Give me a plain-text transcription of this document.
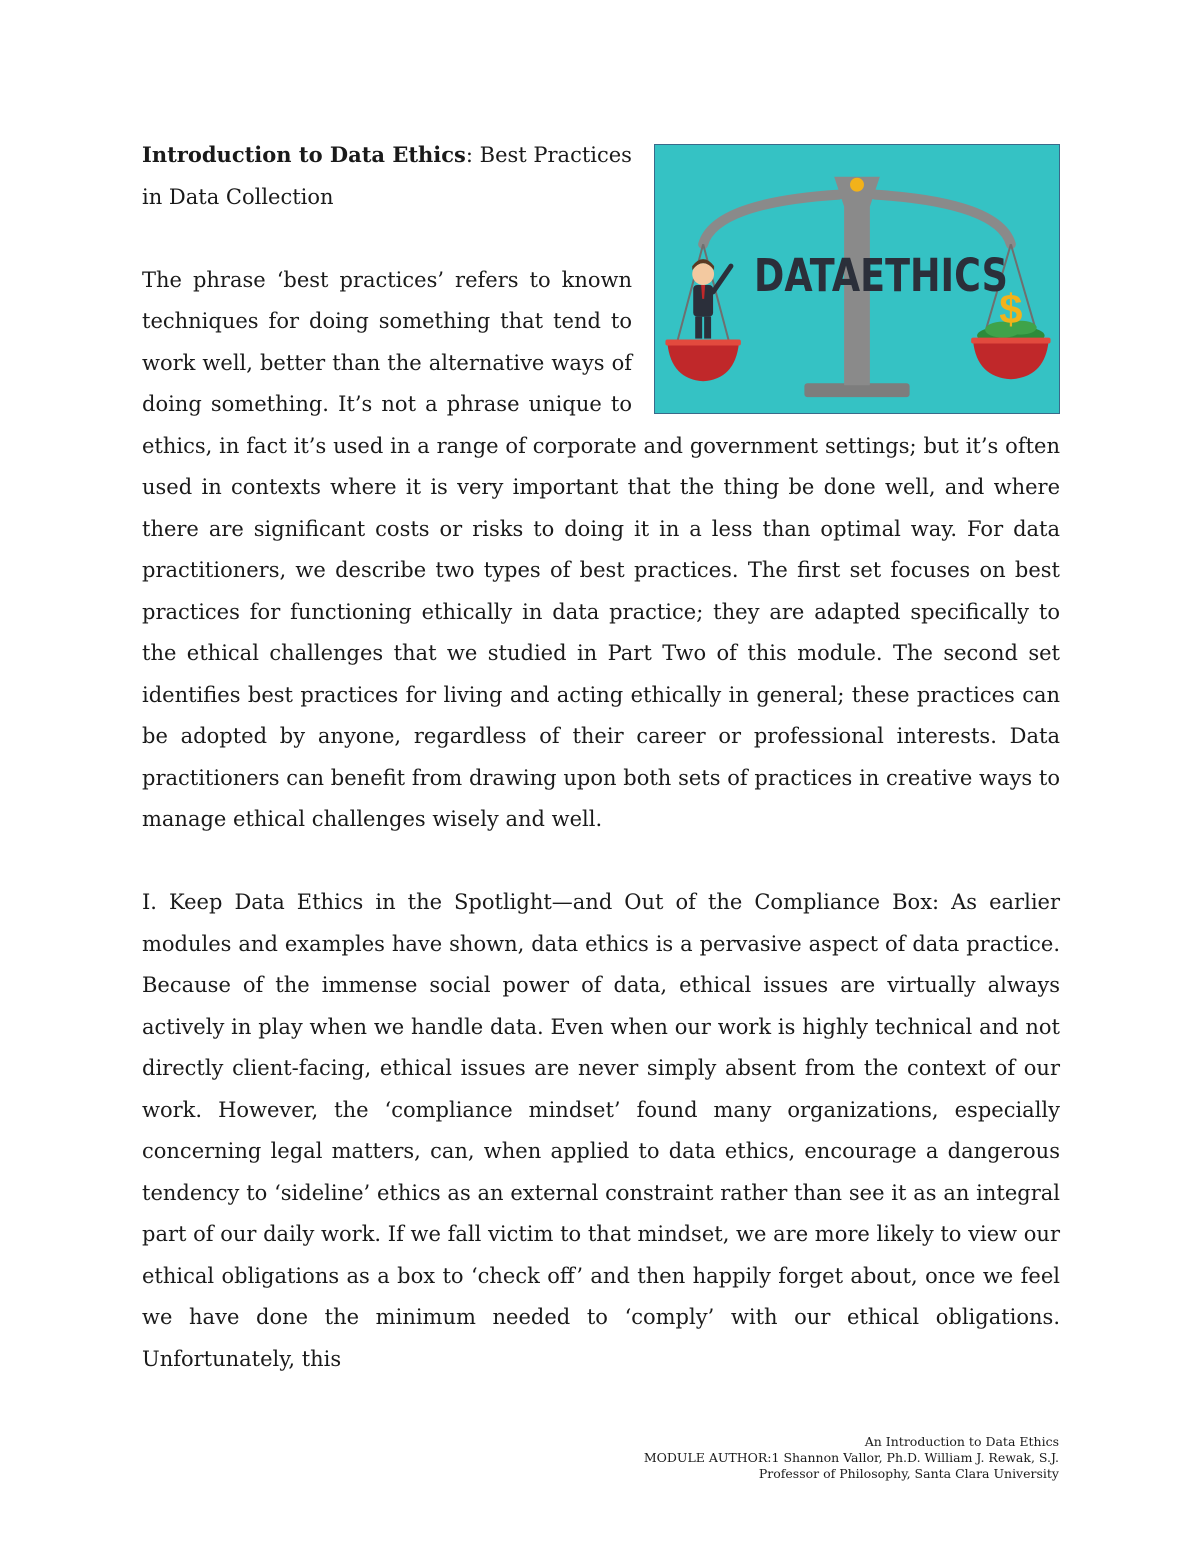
$
DATA ETHICS

Introduction to Data Ethics: Best Practices in Data Collection

The phrase ‘best practices’ refers to known techniques for doing something that tend to work well, better than the alternative ways of doing something. It’s not a phrase unique to ethics, in fact it’s used in a range of corporate and government settings; but it’s often used in contexts where it is very important that the thing be done well, and where there are significant costs or risks to doing it in a less than optimal way. For data practitioners, we describe two types of best practices. The first set focuses on best practices for functioning ethically in data practice; they are adapted specifically to the ethical challenges that we studied in Part Two of this module. The second set identifies best practices for living and acting ethically in general; these practices can be adopted by anyone, regardless of their career or professional interests. Data practitioners can benefit from drawing upon both sets of practices in creative ways to manage ethical challenges wisely and well.

I. Keep Data Ethics in the Spotlight—and Out of the Compliance Box: As earlier modules and examples have shown, data ethics is a pervasive aspect of data practice. Because of the immense social power of data, ethical issues are virtually always actively in play when we handle data. Even when our work is highly technical and not directly client-facing, ethical issues are never simply absent from the context of our work. However, the ‘compliance mindset’ found many organizations, especially concerning legal matters, can, when applied to data ethics, encourage a dangerous tendency to ‘sideline’ ethics as an external constraint rather than see it as an integral part of our daily work. If we fall victim to that mindset, we are more likely to view our ethical obligations as a box to ‘check off’ and then happily forget about, once we feel we have done the minimum needed to ‘comply’ with our ethical obligations. Unfortunately, this

An Introduction to Data Ethics
MODULE AUTHOR:1 Shannon Vallor, Ph.D. William J. Rewak, S.J.
Professor of Philosophy, Santa Clara University
